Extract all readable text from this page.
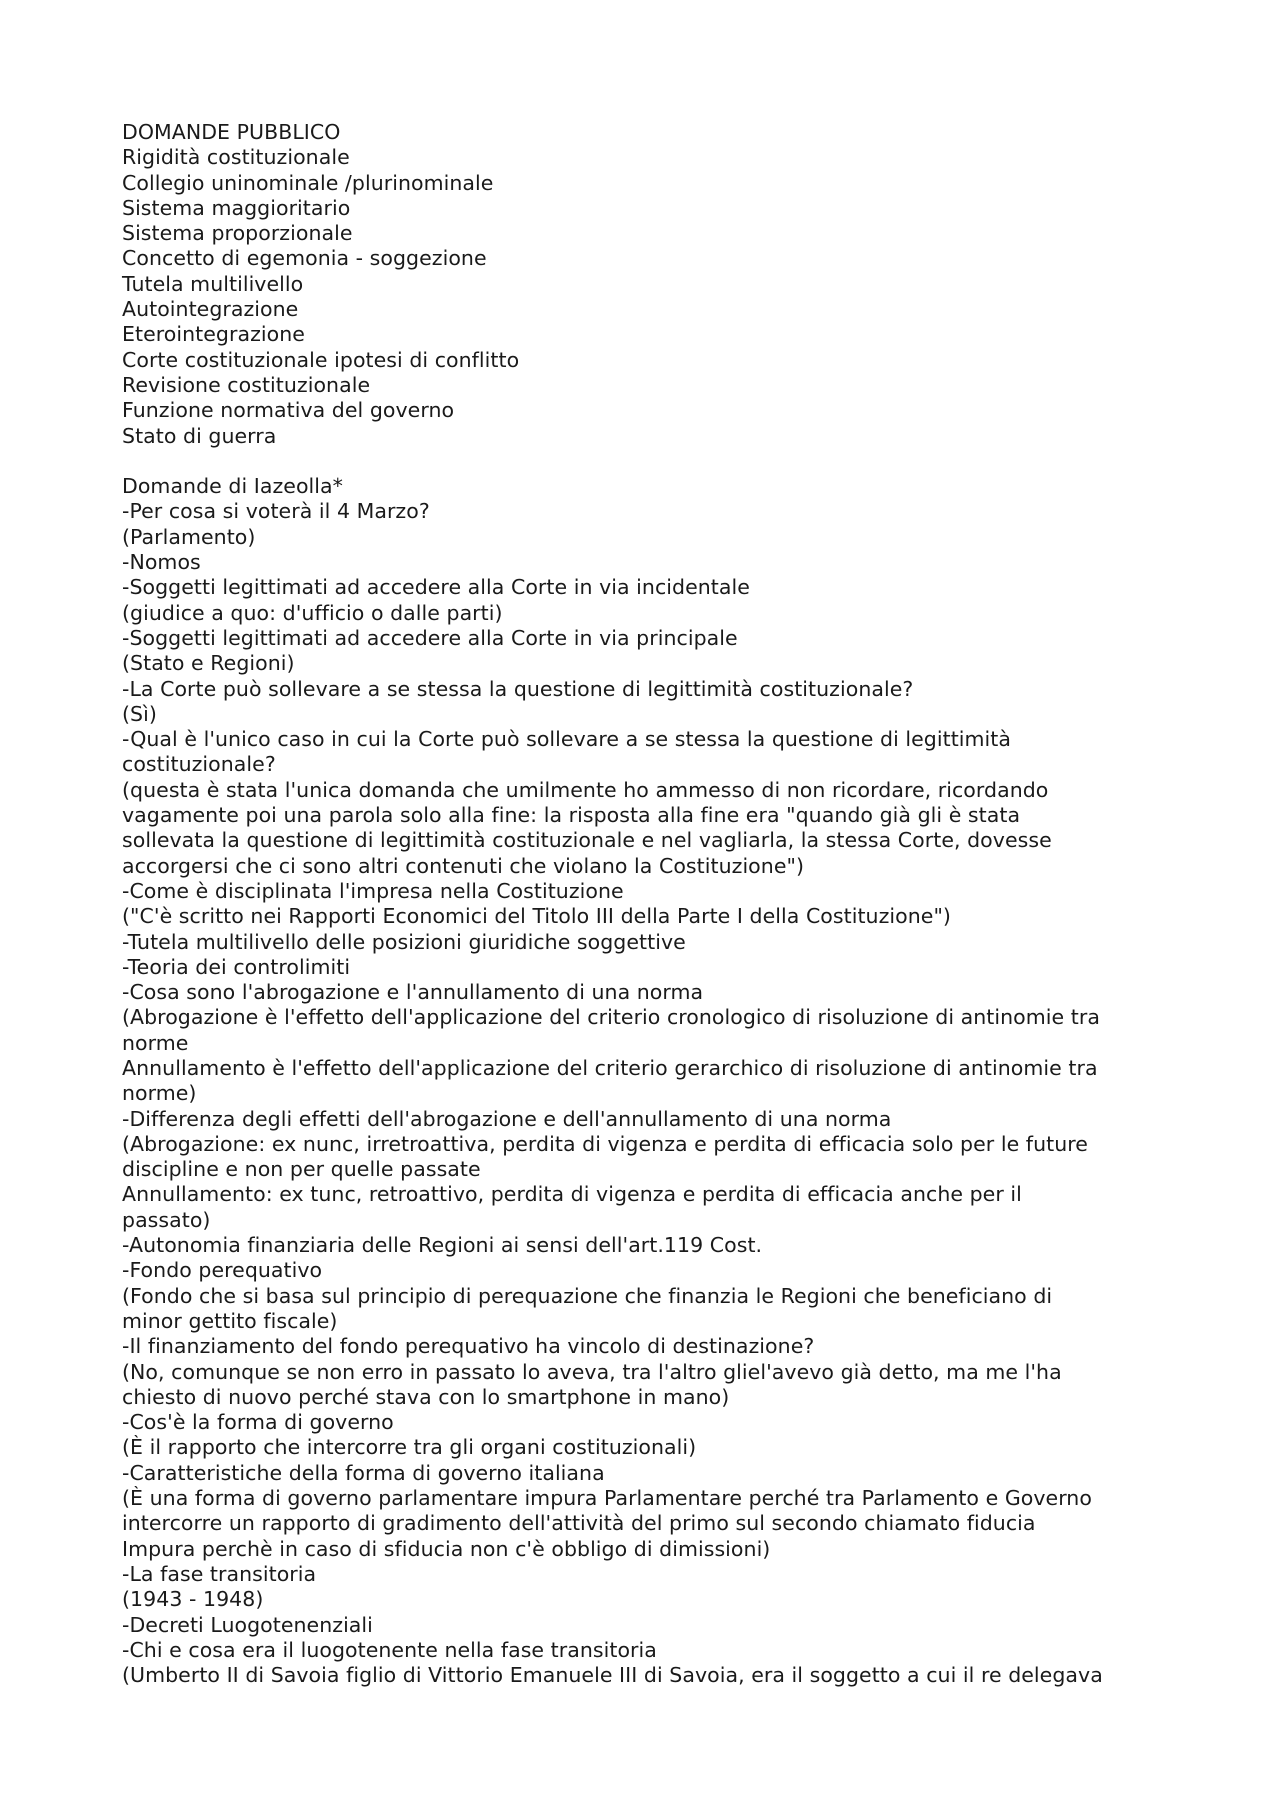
DOMANDE PUBBLICO
Rigidità costituzionale
Collegio uninominale /plurinominale
Sistema maggioritario
Sistema proporzionale
Concetto di egemonia - soggezione
Tutela multilivello
Autointegrazione
Eterointegrazione
Corte costituzionale ipotesi di conflitto
Revisione costituzionale
Funzione normativa del governo
Stato di guerra
Domande di Iazeolla*
-Per cosa si voterà il 4 Marzo?
(Parlamento)
-Nomos
-Soggetti legittimati ad accedere alla Corte in via incidentale
(giudice a quo: d'ufficio o dalle parti)
-Soggetti legittimati ad accedere alla Corte in via principale
(Stato e Regioni)
-La Corte può sollevare a se stessa la questione di legittimità costituzionale?
(Sì)
-Qual è l'unico caso in cui la Corte può sollevare a se stessa la questione di legittimità
costituzionale?
(questa è stata l'unica domanda che umilmente ho ammesso di non ricordare, ricordando
vagamente poi una parola solo alla fine: la risposta alla fine era "quando già gli è stata
sollevata la questione di legittimità costituzionale e nel vagliarla, la stessa Corte, dovesse
accorgersi che ci sono altri contenuti che violano la Costituzione")
-Come è disciplinata l'impresa nella Costituzione
("C'è scritto nei Rapporti Economici del Titolo III della Parte I della Costituzione")
-Tutela multilivello delle posizioni giuridiche soggettive
-Teoria dei controlimiti
-Cosa sono l'abrogazione e l'annullamento di una norma
(Abrogazione è l'effetto dell'applicazione del criterio cronologico di risoluzione di antinomie tra
norme
Annullamento è l'effetto dell'applicazione del criterio gerarchico di risoluzione di antinomie tra
norme)
-Differenza degli effetti dell'abrogazione e dell'annullamento di una norma
(Abrogazione: ex nunc, irretroattiva, perdita di vigenza e perdita di efficacia solo per le future
discipline e non per quelle passate
Annullamento: ex tunc, retroattivo, perdita di vigenza e perdita di efficacia anche per il
passato)
-Autonomia finanziaria delle Regioni ai sensi dell'art.119 Cost.
-Fondo perequativo
(Fondo che si basa sul principio di perequazione che finanzia le Regioni che beneficiano di
minor gettito fiscale)
-Il finanziamento del fondo perequativo ha vincolo di destinazione?
(No, comunque se non erro in passato lo aveva, tra l'altro gliel'avevo già detto, ma me l'ha
chiesto di nuovo perché stava con lo smartphone in mano)
-Cos'è la forma di governo
(È il rapporto che intercorre tra gli organi costituzionali)
-Caratteristiche della forma di governo italiana
(È una forma di governo parlamentare impura Parlamentare perché tra Parlamento e Governo
intercorre un rapporto di gradimento dell'attività del primo sul secondo chiamato fiducia
Impura perchè in caso di sfiducia non c'è obbligo di dimissioni)
-La fase transitoria
(1943 - 1948)
-Decreti Luogotenenziali
-Chi e cosa era il luogotenente nella fase transitoria
(Umberto II di Savoia figlio di Vittorio Emanuele III di Savoia, era il soggetto a cui il re delegava
